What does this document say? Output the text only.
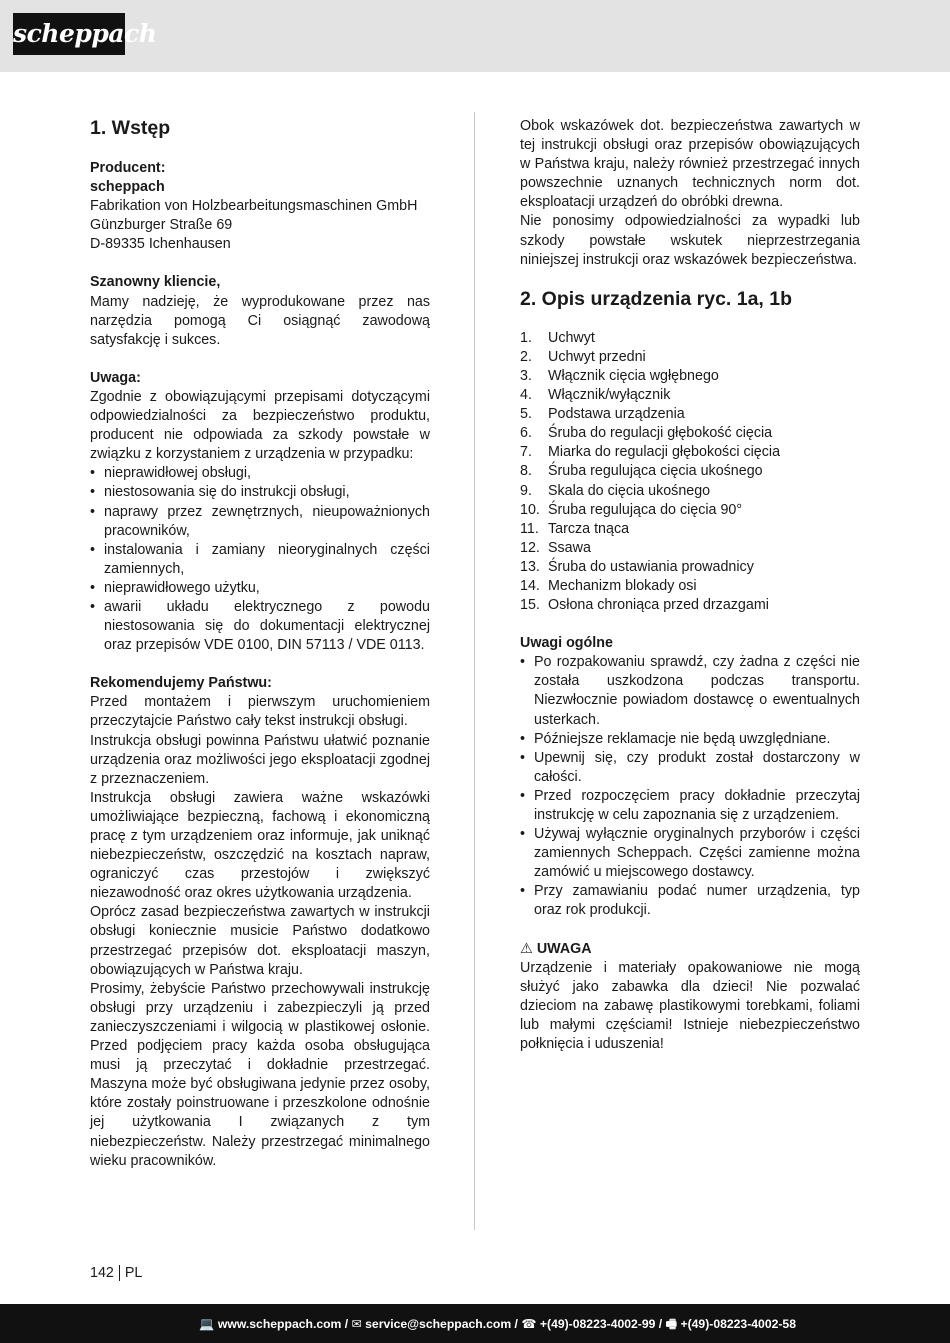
scheppach
1. Wstęp
Producent:
scheppach
Fabrikation von Holzbearbeitungsmaschinen GmbH
Günzburger Straße 69
D-89335 Ichenhausen
Szanowny kliencie,

Mamy nadzieję, że wyprodukowane przez nas narzędzia pomogą Ci osiągnąć zawodową satysfakcję i sukces.

Uwaga:

Zgodnie z obowiązującymi przepisami dotyczącymi odpowiedzialności za bezpieczeństwo produktu, producent nie odpowiada za szkody powstałe w związku z korzystaniem z urządzenia w przypadku:

• nieprawidłowej obsługi,
• niestosowania się do instrukcji obsługi,
• naprawy przez zewnętrznych, nieupoważnionych pracowników,
• instalowania i zamiany nieoryginalnych części zamiennych,
• nieprawidłowego użytku,
• awarii układu elektrycznego z powodu niestosowania się do dokumentacji elektrycznej oraz przepisów VDE 0100, DIN 57113 / VDE 0113.
Rekomendujemy Państwu:

Przed montażem i pierwszym uruchomieniem przeczytajcie Państwo cały tekst instrukcji obsługi.

Instrukcja obsługi powinna Państwu ułatwić poznanie urządzenia oraz możliwości jego eksploatacji zgodnej z przeznaczeniem.

Instrukcja obsługi zawiera ważne wskazówki umożliwiające bezpieczną, fachową i ekonomiczną pracę z tym urządzeniem oraz informuje, jak uniknąć niebezpieczeństw, oszczędzić na kosztach napraw, ograniczyć czas przestojów i zwiększyć niezawodność oraz okres użytkowania urządzenia.

Oprócz zasad bezpieczeństwa zawartych w instrukcji obsługi koniecznie musicie Państwo dodatkowo przestrzegać przepisów dot. eksploatacji maszyn, obowiązujących w Państwa kraju.

Prosimy, żebyście Państwo przechowywali instrukcję obsługi przy urządzeniu i zabezpieczyli ją przed zanieczyszczeniami i wilgocią w plastikowej osłonie. Przed podjęciem pracy każda osoba obsługująca musi ją przeczytać i dokładnie przestrzegać. Maszyna może być obsługiwana jedynie przez osoby, które zostały poinstruowane i przeszkolone odnośnie jej użytkowania I związanych z tym niebezpieczeństw. Należy przestrzegać minimalnego wieku pracowników.

Obok wskazówek dot. bezpieczeństwa zawartych w tej instrukcji obsługi oraz przepisów obowiązujących w Państwa kraju, należy również przestrzegać innych powszechnie uznanych technicznych norm dot. eksploatacji urządzeń do obróbki drewna.

Nie ponosimy odpowiedzialności za wypadki lub szkody powstałe wskutek nieprzestrzegania niniejszej instrukcji oraz wskazówek bezpieczeństwa.

2. Opis urządzenia ryc. 1a, 1b
1.	Uchwyt
2.	Uchwyt przedni
3.	Włącznik cięcia wgłębnego
4.	Włącznik/wyłącznik
5.	Podstawa urządzenia
6.	Śruba do regulacji głębokość cięcia
7.	Miarka do regulacji głębokości cięcia
8.	Śruba regulująca cięcia ukośnego
9.	Skala do cięcia ukośnego
10. Śruba regulująca do cięcia 90°
11. Tarcza tnąca
12. Ssawa
13. Śruba do ustawiania prowadnicy
14. Mechanizm blokady osi
15. Osłona chroniąca przed drzazgami
Uwagi ogólne
• Po rozpakowaniu sprawdź, czy żadna z części nie została uszkodzona podczas transportu. Niezwłocznie powiadom dostawcę o ewentualnych usterkach.
• Późniejsze reklamacje nie będą uwzględniane.
• Upewnij się, czy produkt został dostarczony w całości.
• Przed rozpoczęciem pracy dokładnie przeczytaj instrukcję w celu zapoznania się z urządzeniem.
• Używaj wyłącznie oryginalnych przyborów i części zamiennych Scheppach. Części zamienne można zamówić u miejscowego dostawcy.
• Przy zamawianiu podać numer urządzenia, typ oraz rok produkcji.
⚠ UWAGA

Urządzenie i materiały opakowaniowe nie mogą służyć jako zabawka dla dzieci! Nie pozwalać dzieciom na zabawę plastikowymi torebkami, foliami lub małymi częściami! Istnieje niebezpieczeństwo połknięcia i uduszenia!

142 PL
💻 www.scheppach.com / ✉ service@scheppach.com / ☎ +(49)-08223-4002-99 / 🖷 +(49)-08223-4002-58
